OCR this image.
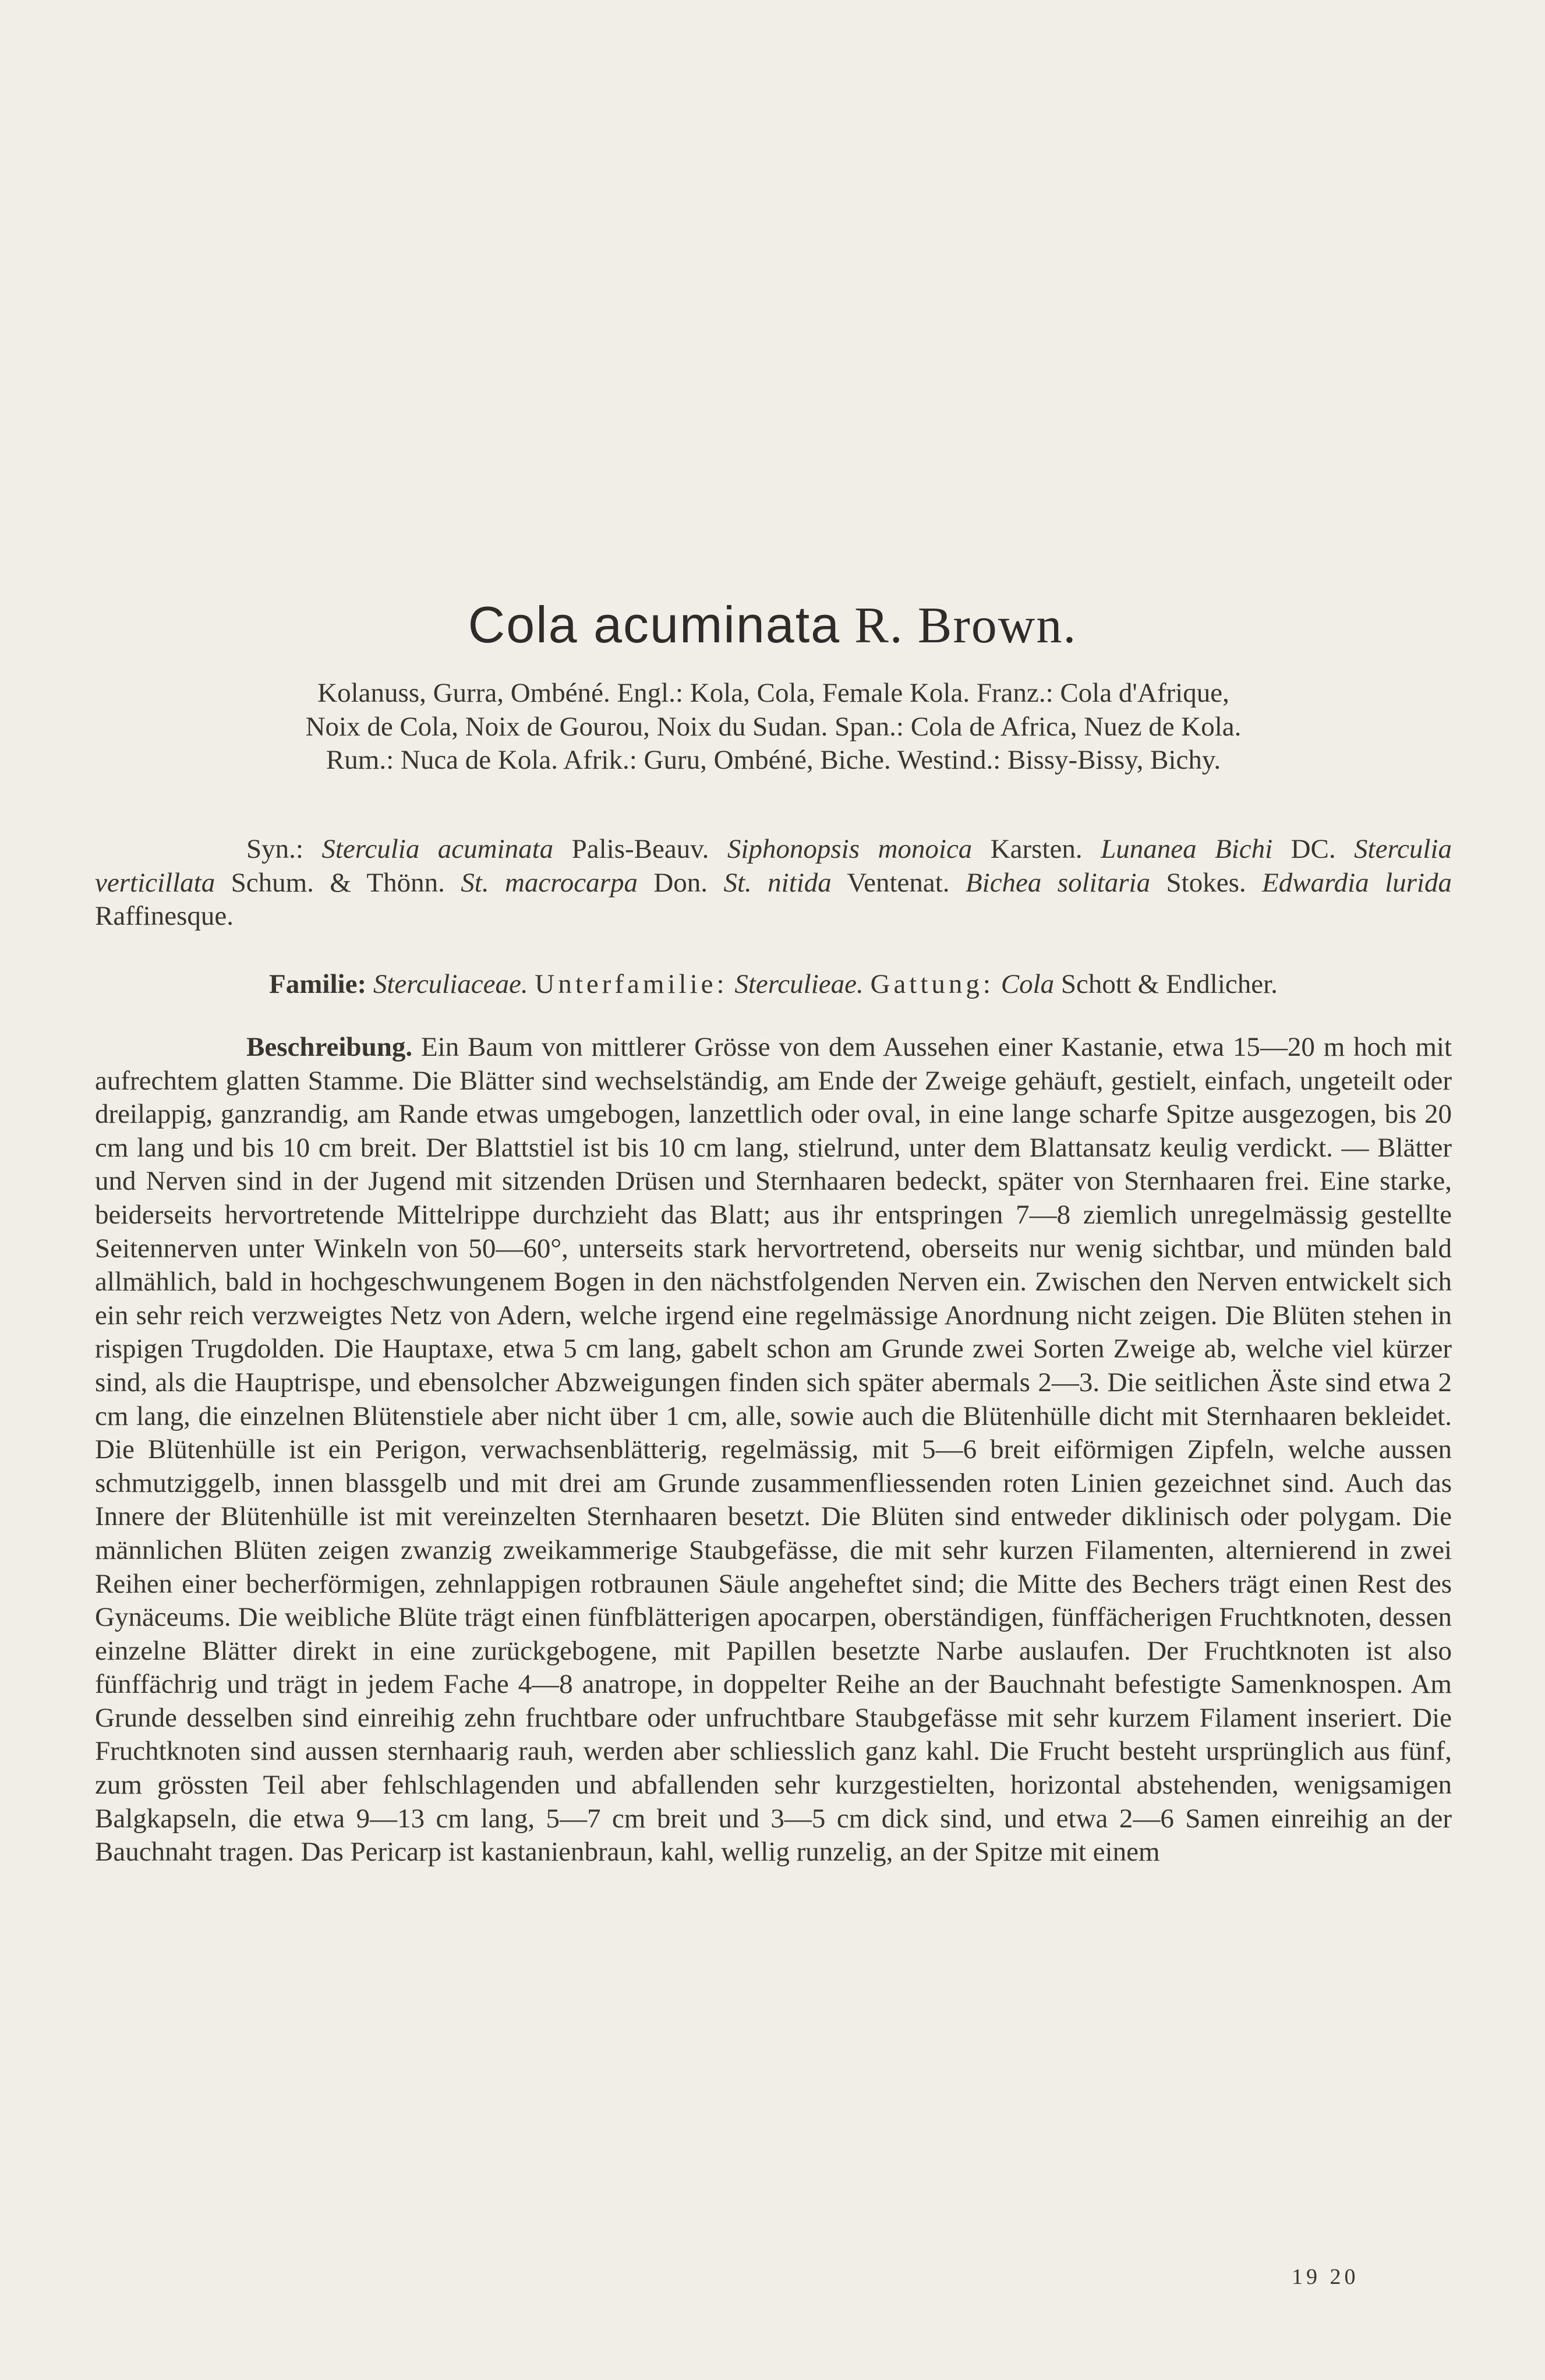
Cola acuminata R. Brown.

Kolanuss, Gurra, Ombéné. Engl.: Kola, Cola, Female Kola. Franz.: Cola d'Afrique,

Noix de Cola, Noix de Gourou, Noix du Sudan. Span.: Cola de Africa, Nuez de Kola.

Rum.: Nuca de Kola. Afrik.: Guru, Ombéné, Biche. Westind.: Bissy-Bissy, Bichy.

Syn.: Sterculia acuminata Palis-Beauv. Siphonopsis monoica Karsten. Lunanea Bichi DC. Sterculia verticillata Schum. & Thönn. St. macrocarpa Don. St. nitida Ventenat. Bichea solitaria Stokes. Edwardia lurida Raffinesque.
Familie: Sterculiaceae. Unterfamilie: Sterculieae. Gattung: Cola Schott & Endlicher.
Beschreibung. Ein Baum von mittlerer Grösse von dem Aussehen einer Kastanie, etwa 15—20 m hoch mit aufrechtem glatten Stamme. Die Blätter sind wechselständig, am Ende der Zweige gehäuft, gestielt, einfach, ungeteilt oder dreilappig, ganzrandig, am Rande etwas umgebogen, lanzettlich oder oval, in eine lange scharfe Spitze ausgezogen, bis 20 cm lang und bis 10 cm breit. Der Blattstiel ist bis 10 cm lang, stielrund, unter dem Blattansatz keulig verdickt. — Blätter und Nerven sind in der Jugend mit sitzenden Drüsen und Sternhaaren bedeckt, später von Sternhaaren frei. Eine starke, beiderseits hervortretende Mittelrippe durchzieht das Blatt; aus ihr entspringen 7—8 ziemlich unregelmässig gestellte Seitennerven unter Winkeln von 50—60°, unterseits stark hervortretend, oberseits nur wenig sichtbar, und münden bald allmählich, bald in hochgeschwungenem Bogen in den nächstfolgenden Nerven ein. Zwischen den Nerven entwickelt sich ein sehr reich verzweigtes Netz von Adern, welche irgend eine regelmässige Anordnung nicht zeigen. Die Blüten stehen in rispigen Trugdolden. Die Hauptaxe, etwa 5 cm lang, gabelt schon am Grunde zwei Sorten Zweige ab, welche viel kürzer sind, als die Hauptrispe, und ebensolcher Abzweigungen finden sich später abermals 2—3. Die seitlichen Äste sind etwa 2 cm lang, die einzelnen Blütenstiele aber nicht über 1 cm, alle, sowie auch die Blütenhülle dicht mit Sternhaaren bekleidet. Die Blütenhülle ist ein Perigon, verwachsenblätterig, regelmässig, mit 5—6 breit eiförmigen Zipfeln, welche aussen schmutziggelb, innen blassgelb und mit drei am Grunde zusammenfliessenden roten Linien gezeichnet sind. Auch das Innere der Blütenhülle ist mit vereinzelten Sternhaaren besetzt. Die Blüten sind entweder diklinisch oder polygam. Die männlichen Blüten zeigen zwanzig zweikammerige Staubgefässe, die mit sehr kurzen Filamenten, alternierend in zwei Reihen einer becherförmigen, zehnlappigen rotbraunen Säule angeheftet sind; die Mitte des Bechers trägt einen Rest des Gynäceums. Die weibliche Blüte trägt einen fünfblätterigen apocarpen, oberständigen, fünffächerigen Fruchtknoten, dessen einzelne Blätter direkt in eine zurückgebogene, mit Papillen besetzte Narbe auslaufen. Der Fruchtknoten ist also fünffächrig und trägt in jedem Fache 4—8 anatrope, in doppelter Reihe an der Bauchnaht befestigte Samenknospen. Am Grunde desselben sind einreihig zehn fruchtbare oder unfruchtbare Staubgefässe mit sehr kurzem Filament inseriert. Die Fruchtknoten sind aussen sternhaarig rauh, werden aber schliesslich ganz kahl. Die Frucht besteht ursprünglich aus fünf, zum grössten Teil aber fehlschlagenden und abfallenden sehr kurzgestielten, horizontal abstehenden, wenigsamigen Balgkapseln, die etwa 9—13 cm lang, 5—7 cm breit und 3—5 cm dick sind, und etwa 2—6 Samen einreihig an der Bauchnaht tragen. Das Pericarp ist kastanienbraun, kahl, wellig runzelig, an der Spitze mit einem
19 20
